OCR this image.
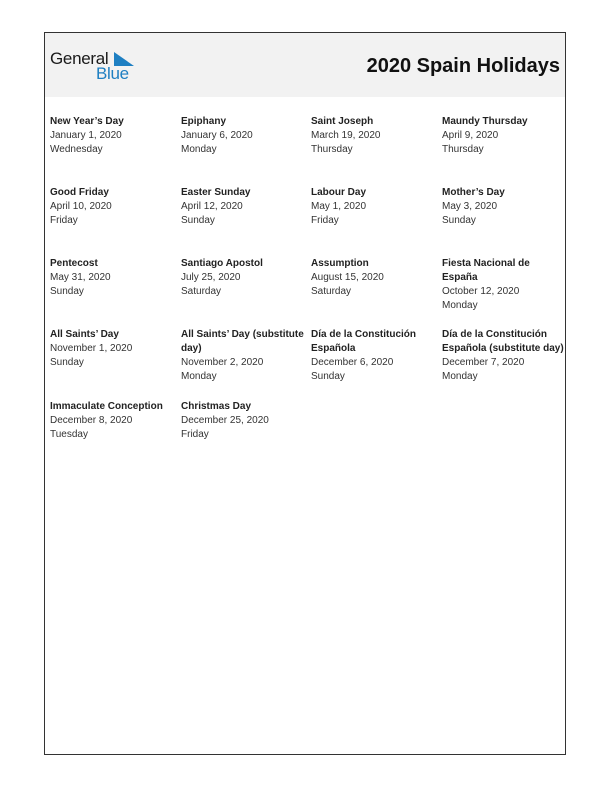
General
Blue	2020 Spain Holidays
New Year’s Day
January 1, 2020
Wednesday
Epiphany
January 6, 2020
Monday
Saint Joseph
March 19, 2020
Thursday
Maundy Thursday
April 9, 2020
Thursday
Good Friday
April 10, 2020
Friday
Easter Sunday
April 12, 2020
Sunday
Labour Day
May 1, 2020
Friday
Mother’s Day
May 3, 2020
Sunday
Pentecost
May 31, 2020
Sunday
Santiago Apostol
July 25, 2020
Saturday
Assumption
August 15, 2020
Saturday
Fiesta Nacional de España
October 12, 2020
Monday
All Saints’ Day
November 1, 2020
Sunday
All Saints’ Day (substitute day)
November 2, 2020
Monday
Día de la Constitución Española
December 6, 2020
Sunday
Día de la Constitución Española (substitute day)
December 7, 2020
Monday
Immaculate Conception
December 8, 2020
Tuesday
Christmas Day
December 25, 2020
Friday
